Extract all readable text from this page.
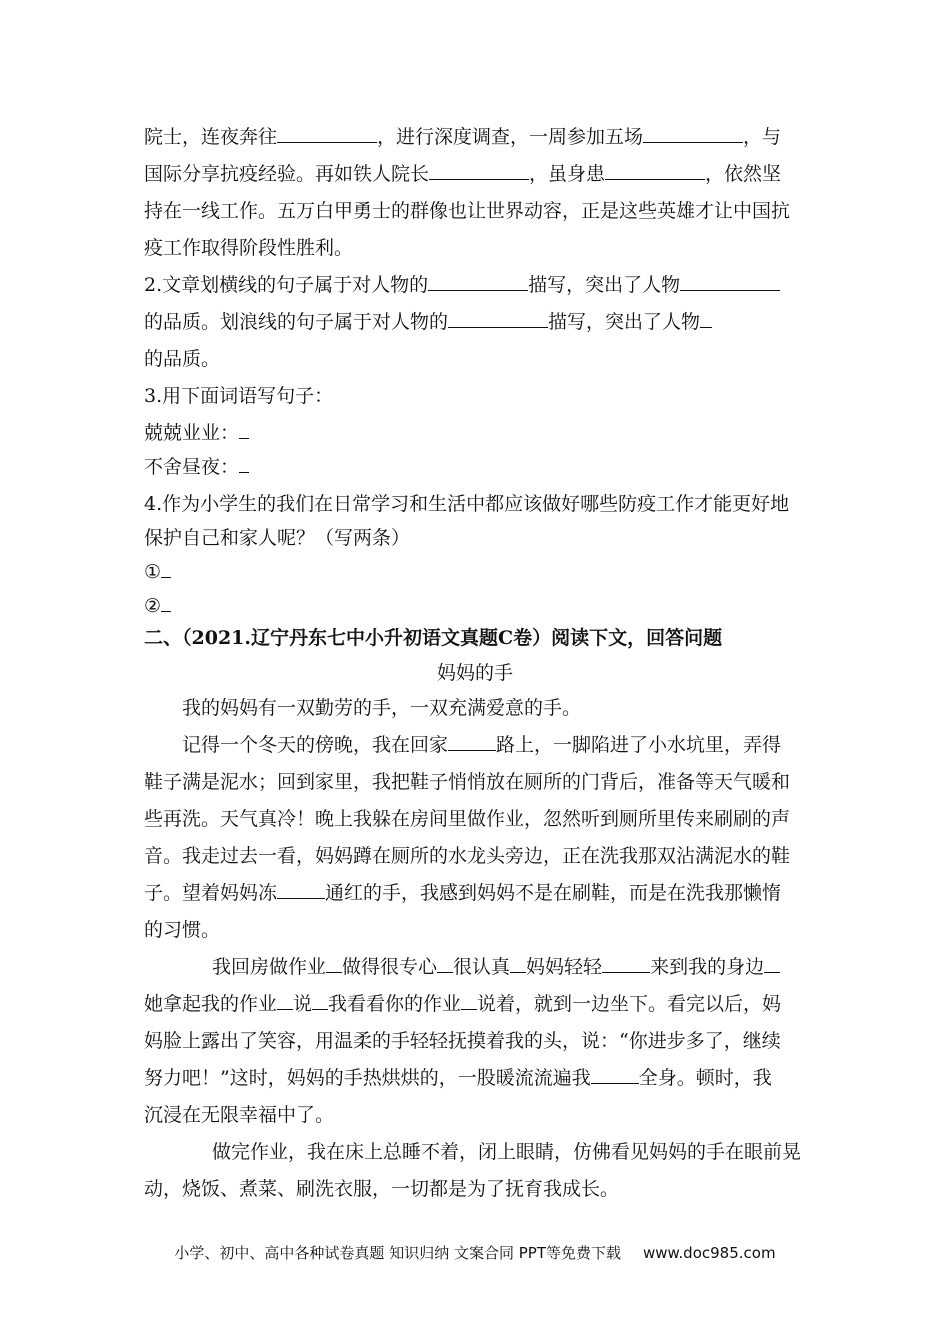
院士，连夜奔往	，进行深度调查，一周参加五场	，与
国际分享抗疫经验。再如铁人院长	，虽身患	，依然坚
持在一线工作。五万白甲勇士的群像也让世界动容，正是这些英雄才让中国抗
疫工作取得阶段性胜利。
2.文章划横线的句子属于对人物的	描写，突出了人物
的品质。划浪线的句子属于对人物的	描写，突出了人物
的品质。
3.用下面词语写句子：
兢兢业业：
不舍昼夜：
4.作为小学生的我们在日常学习和生活中都应该做好哪些防疫工作才能更好地
保护自己和家人呢？（写两条）
①
②
二、（2021.辽宁丹东七中小升初语文真题C卷）阅读下文，回答问题
妈妈的手
我的妈妈有一双勤劳的手，一双充满爱意的手。
记得一个冬天的傍晚，我在回家	路上，一脚陷进了小水坑里，弄得
鞋子满是泥水；回到家里，我把鞋子悄悄放在厕所的门背后，准备等天气暖和
些再洗。天气真冷！晚上我躲在房间里做作业，忽然听到厕所里传来刷刷的声
音。我走过去一看，妈妈蹲在厕所的水龙头旁边，正在洗我那双沾满泥水的鞋
子。望着妈妈冻	通红的手，我感到妈妈不是在刷鞋，而是在洗我那懒惰
的习惯。
我回房做作业 做得很专心 很认真 妈妈轻轻	来到我的身边
她拿起我的作业 说 我看看你的作业 说着，就到一边坐下。看完以后，妈
妈脸上露出了笑容，用温柔的手轻轻抚摸着我的头，说：“你进步多了，继续
努力吧！”这时，妈妈的手热烘烘的，一股暖流流遍我	全身。顿时，我
沉浸在无限幸福中了。
做完作业，我在床上总睡不着，闭上眼睛，仿佛看见妈妈的手在眼前晃
动，烧饭、煮菜、刷洗衣服，一切都是为了抚育我成长。
小学、初中、高中各种试卷真题 知识归纳 文案合同 PPT等免费下载 www.doc985.com
